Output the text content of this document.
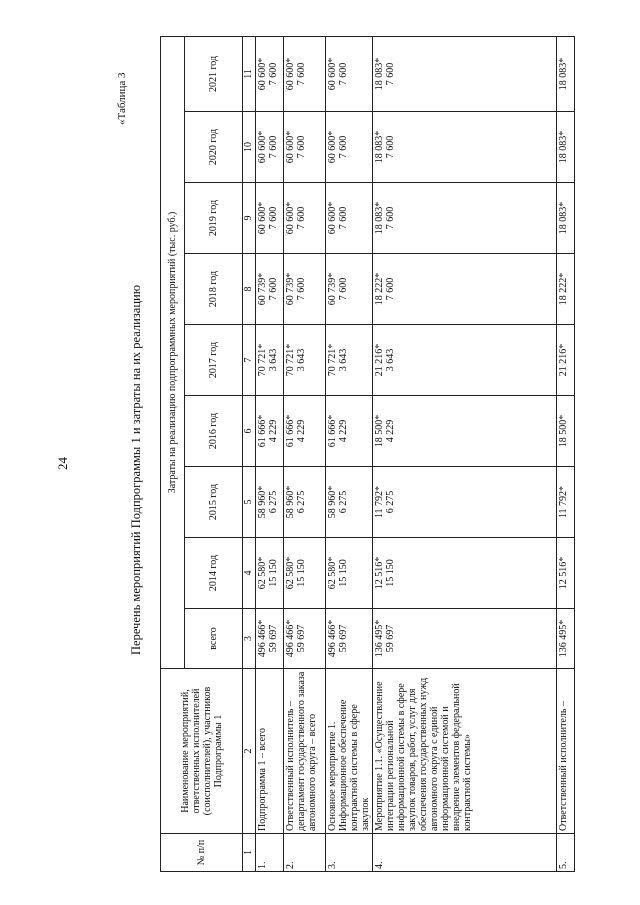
24
«Таблица 3
Перечень мероприятий Подпрограммы 1 и затраты на их реализацию
№ п/п	Наименование мероприятий, ответственных исполнителей (соисполнителей), участников Подпрограммы 1	Затраты на реализацию подпрограммных мероприятий (тыс. руб.)								
		всего	2014 год	2015 год	2016 год	2017 год	2018 год	2019 год	2020 год	2021 год
1	2	3	4	5	6	7	8	9	10	11
1.	Подпрограмма 1 – всего	496 466* 59 697	62 580* 15 150	58 960* 6 275	61 666* 4 229	70 721* 3 643	60 739* 7 600	60 600* 7 600	60 600* 7 600	60 600* 7 600

2.	Ответственный исполнитель – департамент государственного заказа автономного округа – всего	496 466* 59 697	62 580* 15 150	58 960* 6 275	61 666* 4 229	70 721* 3 643	60 739* 7 600	60 600* 7 600	60 600* 7 600	60 600* 7 600

3.	Основное мероприятие 1. Информационное обеспечение контрактной системы в сфере закупок	496 466* 59 697	62 580* 15 150	58 960* 6 275	61 666* 4 229	70 721* 3 643	60 739* 7 600	60 600* 7 600	60 600* 7 600	60 600* 7 600

4.	Мероприятие 1.1. «Осуществление интеграции региональной информационной системы в сфере закупок товаров, работ, услуг для обеспечения государственных нужд автономного округа с единой информационной системой и внедрение элементов федеральной контрактной системы»	136 495* 59 697	12 516* 15 150	11 792* 6 275	18 500* 4 229	21 216* 3 643	18 222* 7 600	18 083* 7 600	18 083* 7 600	18 083* 7 600

5.	Ответственный исполнитель –	136 495*	12 516*	11 792*	18 500*	21 216*	18 222*	18 083*	18 083*	18 083*
